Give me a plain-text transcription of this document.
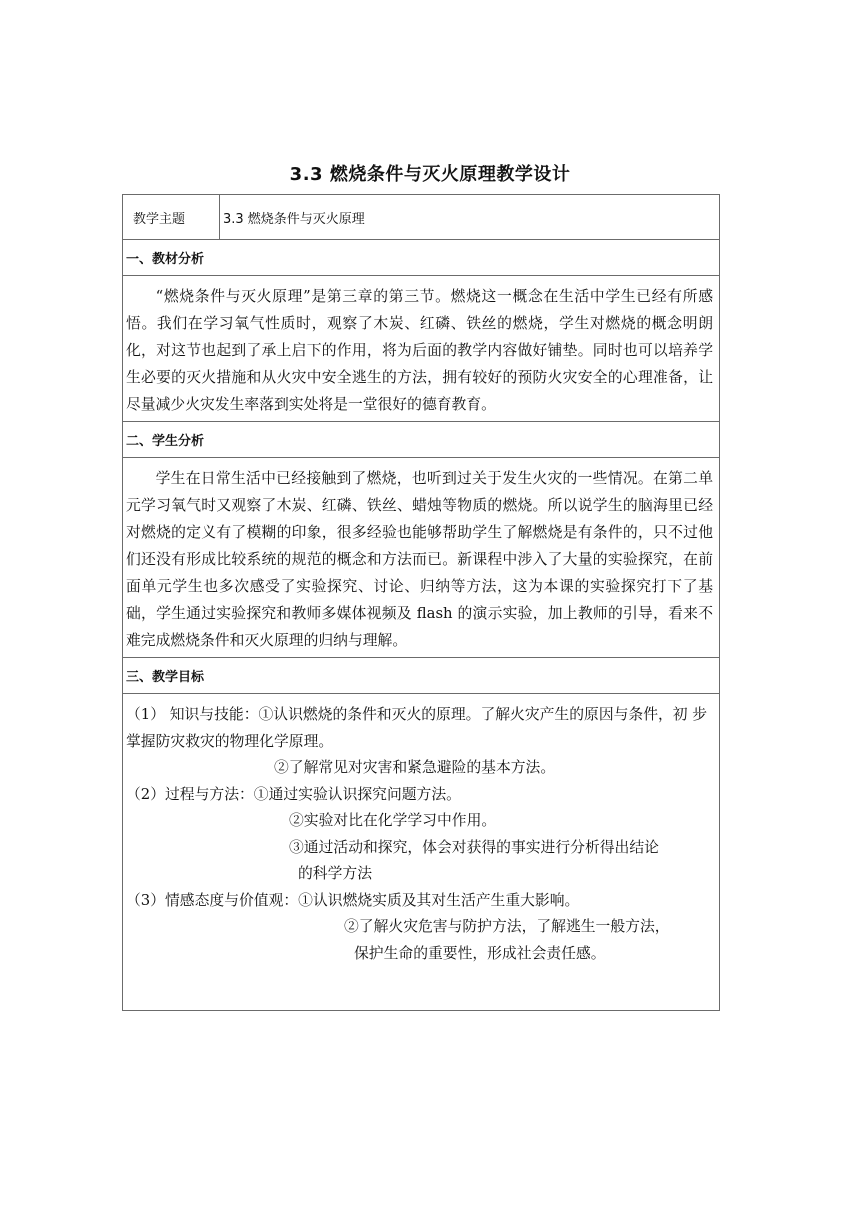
3.3 燃烧条件与灭火原理教学设计
教学主题	3.3 燃烧条件与灭火原理
一、教材分析

“燃烧条件与灭火原理”是第三章的第三节。燃烧这一概念在生活中学生已经有所感悟。我们在学习氧气性质时，观察了木炭、红磷、铁丝的燃烧，学生对燃烧的概念明朗化，对这节也起到了承上启下的作用，将为后面的教学内容做好铺垫。同时也可以培养学生必要的灭火措施和从火灾中安全逃生的方法，拥有较好的预防火灾安全的心理准备，让尽量减少火灾发生率落到实处将是一堂很好的德育教育。

二、学生分析

学生在日常生活中已经接触到了燃烧，也听到过关于发生火灾的一些情况。在第二单元学习氧气时又观察了木炭、红磷、铁丝、蜡烛等物质的燃烧。所以说学生的脑海里已经对燃烧的定义有了模糊的印象，很多经验也能够帮助学生了解燃烧是有条件的，只不过他们还没有形成比较系统的规范的概念和方法而已。新课程中涉入了大量的实验探究，在前面单元学生也多次感受了实验探究、讨论、归纳等方法，这为本课的实验探究打下了基础，学生通过实验探究和教师多媒体视频及 flash 的演示实验，加上教师的引导，看来不难完成燃烧条件和灭火原理的归纳与理解。

三、教学目标

（1） 知识与技能：①认识燃烧的条件和灭火的原理。了解火灾产生的原因与条件，初 步掌握防灾救灾的物理化学原理。
②了解常见对灾害和紧急避险的基本方法。
（2）过程与方法：①通过实验认识探究问题方法。
②实验对比在化学学习中作用。
③通过活动和探究，体会对获得的事实进行分析得出结论
的科学方法
（3）情感态度与价值观：①认识燃烧实质及其对生活产生重大影响。
②了解火灾危害与防护方法，了解逃生一般方法，
保护生命的重要性，形成社会责任感。
